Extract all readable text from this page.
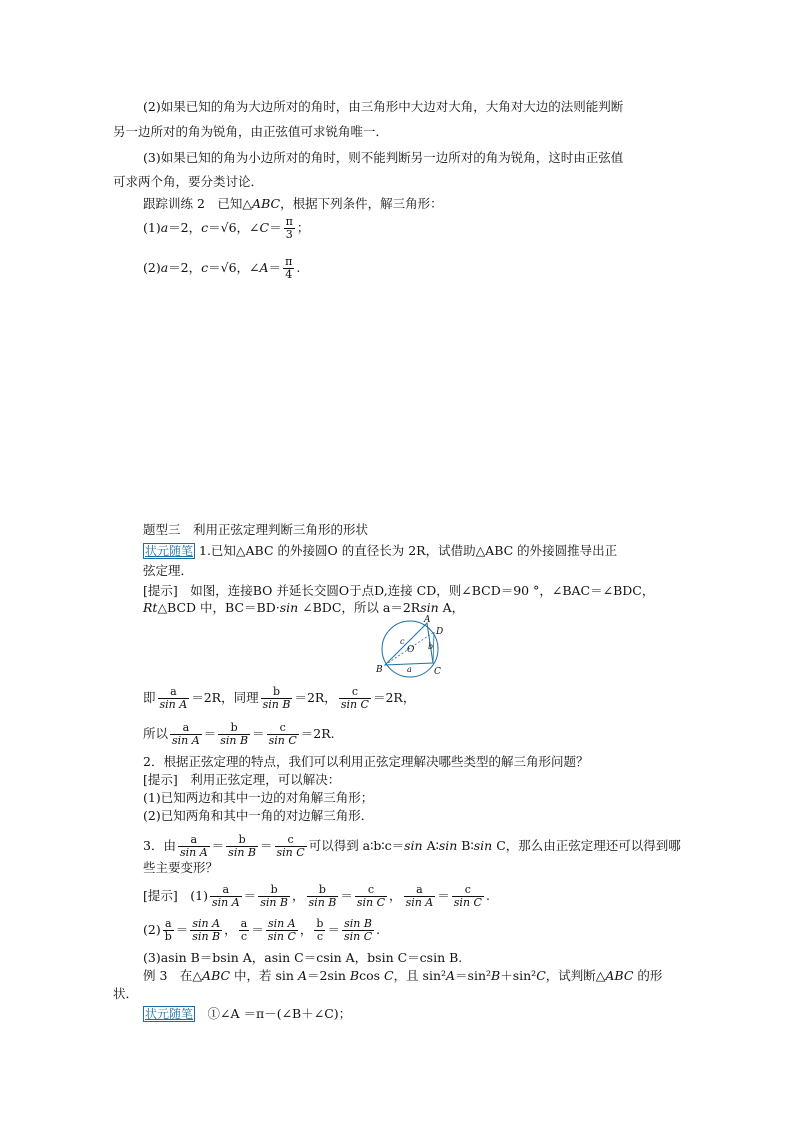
(2)如果已知的角为大边所对的角时，由三角形中大边对大角，大角对大边的法则能判断
另一边所对的角为锐角，由正弦值可求锐角唯一．
(3)如果已知的角为小边所对的角时，则不能判断另一边所对的角为锐角，这时由正弦值
可求两个角，要分类讨论．
跟踪训练 2　已知△ABC，根据下列条件，解三角形：
(1)a＝2，c＝√6，∠C＝ $\frac{\pi}{3}$ ；
(2)a＝2，c＝√6，∠A＝ $\frac{\pi}{4}$ .
题型三　利用正弦定理判断三角形的形状
状元随笔 1.已知△ABC 的外接圆O 的直径长为 2R，试借助△ABC 的外接圆推导出正
弦定理．
[提示]　如图，连接BO 并延长交圆O于点D,连接 CD，则∠BCD＝90 °，∠BAC＝∠BDC，
Rt△BCD 中，BC＝BD·sin ∠BDC，所以 a＝2Rsin A，
A
D
B	C
O
c
b
a
即 $\frac{a}{\text{sin A}} =2R$，同理 $\frac{b}{\text{sin B}} =2R$， $\frac{c}{\text{sin C}} =2R$，
所以 $\frac{a}{\text{sin A}} = \frac{b}{\text{sin B}} = \frac{c}{\text{sin C}} =2R$.
2．根据正弦定理的特点，我们可以利用正弦定理解决哪些类型的解三角形问题？
[提示]　利用正弦定理，可以解决：
(1)已知两边和其中一边的对角解三角形；
(2)已知两角和其中一角的对边解三角形．
3．由 $\frac{a}{\text{sin A}} = \frac{b}{\text{sin B}} = \frac{c}{\text{sin C}}$ 可以得到 a∶b∶c＝sin A∶sin B∶sin C，那么由正弦定理还可以得到哪
些主要变形？
[提示]　$(1) \frac{a}{\text{sin A}} = \frac{b}{\text{sin B}}$ ， $\frac{b}{\text{sin B}} = \frac{c}{\text{sin C}}$ ， $\frac{a}{\text{sin A}} = \frac{c}{\text{sin C}}$ .
$(2) \frac{a}{b} = \frac{\text{sin A}}{\text{sin B}}$ ， $\frac{a}{c} = \frac{\text{sin A}}{\text{sin C}}$ ， $\frac{b}{c} = \frac{\text{sin B}}{\text{sin C}}$ .
(3)asin B＝bsin A，asin C＝csin A，bsin C＝csin B.
例 3　在△ABC 中，若 sin A＝2sin Bcos C，且 sin²A＝sin²B＋sin²C，试判断△ABC 的形
状．
状元随笔　①∠A ＝π－(∠B＋∠C)；
